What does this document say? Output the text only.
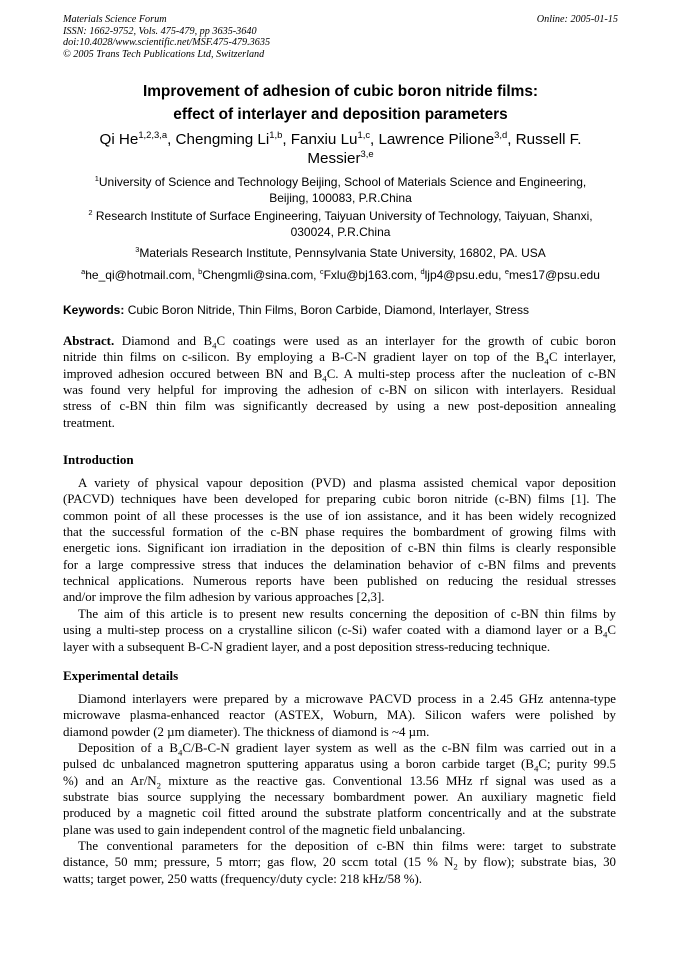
Materials Science Forum
ISSN: 1662-9752, Vols. 475-479, pp 3635-3640
doi:10.4028/www.scientific.net/MSF.475-479.3635
© 2005 Trans Tech Publications Ltd, Switzerland
Online: 2005-01-15
Improvement of adhesion of cubic boron nitride films:
effect of interlayer and deposition parameters
Qi He$^{1,2,3,a}$, Chengming Li$^{1,b}$, Fanxiu Lu$^{1,c}$, Lawrence Pilione$^{3,d}$, Russell F.
Messier$^{3,e}$
$^1$University of Science and Technology Beijing, School of Materials Science and Engineering,
Beijing, 100083, P.R.China
$^2$ Research Institute of Surface Engineering, Taiyuan University of Technology, Taiyuan, Shanxi,
030024, P.R.China
$^3$Materials Research Institute, Pennsylvania State University, 16802, PA. USA
$^a$he_qi@hotmail.com, $^b$Chengmli@sina.com, $^c$Fxlu@bj163.com, $^d$ljp4@psu.edu, $^e$mes17@psu.edu
Keywords: Cubic Boron Nitride, Thin Films, Boron Carbide, Diamond, Interlayer, Stress
Abstract. Diamond and $B_4C$ coatings were used as an interlayer for the growth of cubic boron
nitride thin films on c-silicon. By employing a B-C-N gradient layer on top of the $B_4C$ interlayer,
improved adhesion occured between BN and $B_4C$. A multi-step process after the nucleation of c-BN
was found very helpful for improving the adhesion of c-BN on silicon with interlayers. Residual
stress of c-BN thin film was significantly decreased by using a new post-deposition annealing
treatment.
Introduction
A variety of physical vapour deposition (PVD) and plasma assisted chemical vapor deposition
(PACVD) techniques have been developed for preparing cubic boron nitride (c-BN) films [1]. The
common point of all these processes is the use of ion assistance, and it has been widely recognized
that the successful formation of the c-BN phase requires the bombardment of growing films with
energetic ions. Significant ion irradiation in the deposition of c-BN thin films is clearly responsible
for a large compressive stress that induces the delamination behavior of c-BN films and prevents
technical applications. Numerous reports have been published on reducing the residual stresses
and/or improve the film adhesion by various approaches [2,3].
The aim of this article is to present new results concerning the deposition of c-BN thin films by
using a multi-step process on a crystalline silicon (c-Si) wafer coated with a diamond layer or a $B_4C$
layer with a subsequent B-C-N gradient layer, and a post deposition stress-reducing technique.
Experimental details
Diamond interlayers were prepared by a microwave PACVD process in a 2.45 GHz antenna-type
microwave plasma-enhanced reactor (ASTEX, Woburn, MA). Silicon wafers were polished by
diamond powder (2 µm diameter). The thickness of diamond is ~4 µm.
Deposition of a $B_4C/B-C-N$ gradient layer system as well as the c-BN film was carried out in a
pulsed dc unbalanced magnetron sputtering apparatus using a boron carbide target ($B_4C$; purity 99.5
%) and an $Ar/N_2$ mixture as the reactive gas. Conventional 13.56 MHz rf signal was used as a
substrate bias source supplying the necessary bombardment power. An auxiliary magnetic field
produced by a magnetic coil fitted around the substrate platform concentrically and at the substrate
plane was used to gain independent control of the magnetic field unbalancing.
The conventional parameters for the deposition of c-BN thin films were: target to substrate
distance, 50 mm; pressure, 5 mtorr; gas flow, 20 sccm total (15 % $N_2$ by flow); substrate bias, 30
watts; target power, 250 watts (frequency/duty cycle: 218 kHz/58 %).
